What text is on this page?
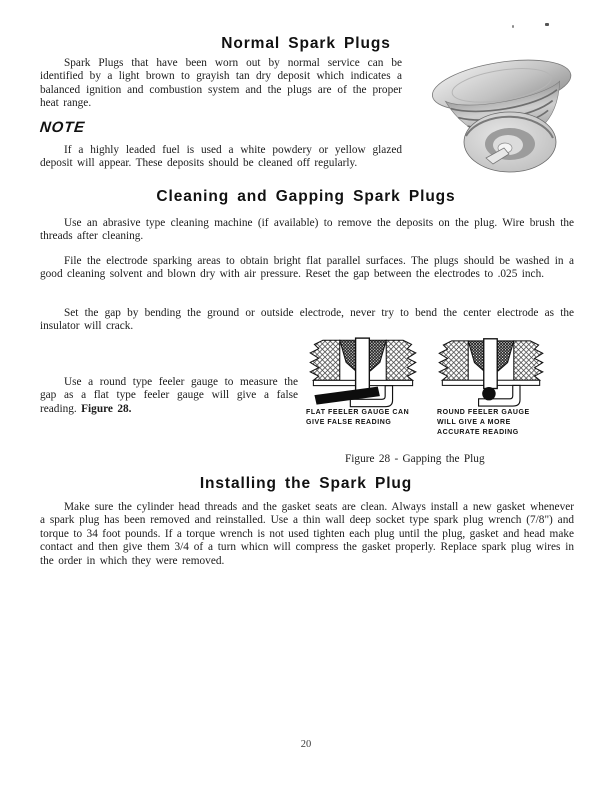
Normal Spark Plugs
Spark Plugs that have been worn out by normal service can be identified by a light brown to grayish tan dry deposit which indicates a balanced ignition and combustion system and the plugs are of the proper heat range.
NOTE
If a highly leaded fuel is used a white powdery or yellow glazed deposit will appear. These deposits should be cleaned off regularly.
Cleaning and Gapping Spark Plugs
Use an abrasive type cleaning machine (if available) to remove the deposits on the plug. Wire brush the threads after cleaning.
File the electrode sparking areas to obtain bright flat parallel surfaces. The plugs should be washed in a good cleaning solvent and blown dry with air pressure. Reset the gap between the electrodes to .025 inch.
Set the gap by bending the ground or outside electrode, never try to bend the center electrode as the insulator will crack.
Use a round type feeler gauge to measure the gap as a flat type feeler gauge will give a false reading. Figure 28.	FLAT FEELER GAUGE CAN
GIVE FALSE READING
ROUND FEELER GAUGE
WILL GIVE A MORE
ACCURATE READING
Figure 28 - Gapping the Plug
Installing the Spark Plug
Make sure the cylinder head threads and the gasket seats are clean. Always install a new gasket whenever a spark plug has been removed and reinstalled. Use a thin wall deep socket type spark plug wrench (7/8") and torque to 34 foot pounds. If a torque wrench is not used tighten each plug until the plug, gasket and head make contact and then give them 3/4 of a turn whicn will compress the gasket properly. Replace spark plug wires in the order in which they were removed.
20
